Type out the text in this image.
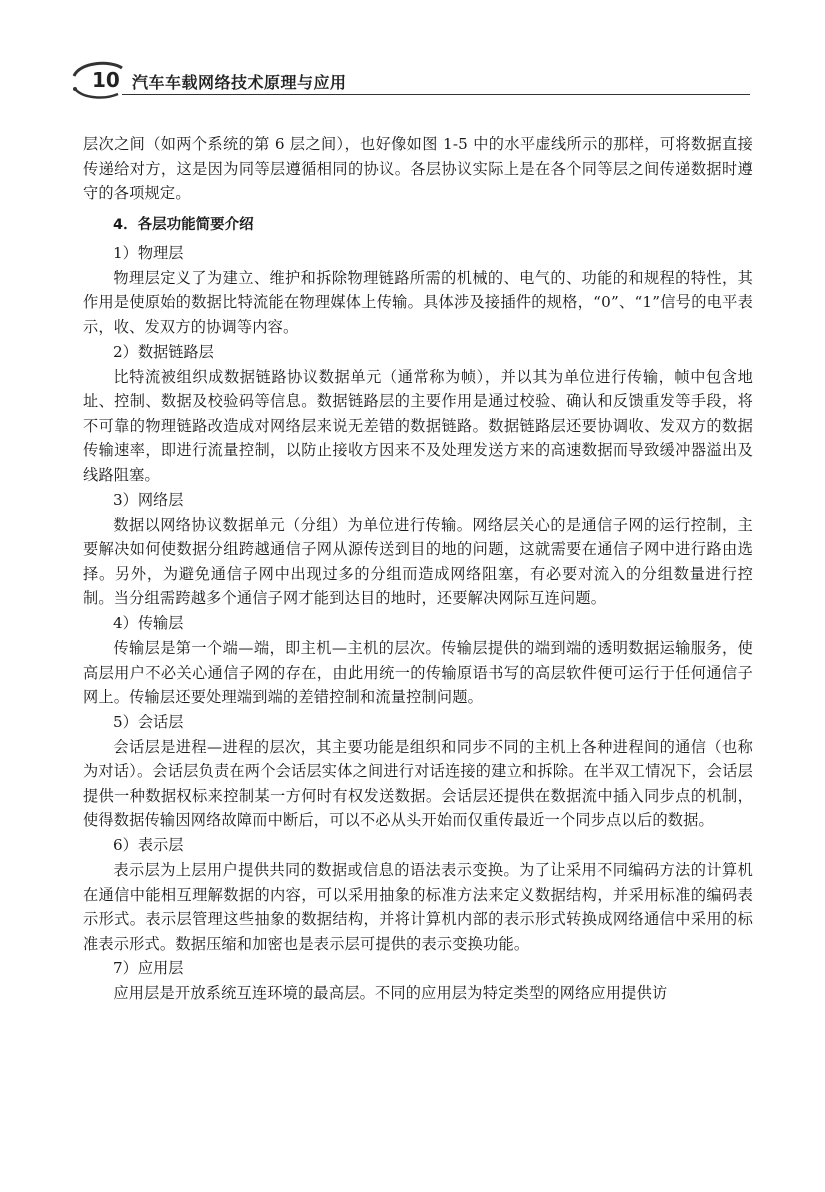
10 汽车车载网络技术原理与应用

层次之间（如两个系统的第 6 层之间），也好像如图 1-5 中的水平虚线所示的那样，可将数据直接传递给对方，这是因为同等层遵循相同的协议。各层协议实际上是在各个同等层之间传递数据时遵守的各项规定。

4．各层功能简要介绍
1）物理层

物理层定义了为建立、维护和拆除物理链路所需的机械的、电气的、功能的和规程的特性，其作用是使原始的数据比特流能在物理媒体上传输。具体涉及接插件的规格，“0”、“1”信号的电平表示，收、发双方的协调等内容。

2）数据链路层

比特流被组织成数据链路协议数据单元（通常称为帧），并以其为单位进行传输，帧中包含地址、控制、数据及校验码等信息。数据链路层的主要作用是通过校验、确认和反馈重发等手段，将不可靠的物理链路改造成对网络层来说无差错的数据链路。数据链路层还要协调收、发双方的数据传输速率，即进行流量控制，以防止接收方因来不及处理发送方来的高速数据而导致缓冲器溢出及线路阻塞。

3）网络层

数据以网络协议数据单元（分组）为单位进行传输。网络层关心的是通信子网的运行控制，主要解决如何使数据分组跨越通信子网从源传送到目的地的问题，这就需要在通信子网中进行路由选择。另外，为避免通信子网中出现过多的分组而造成网络阻塞，有必要对流入的分组数量进行控制。当分组需跨越多个通信子网才能到达目的地时，还要解决网际互连问题。

4）传输层

传输层是第一个端—端，即主机—主机的层次。传输层提供的端到端的透明数据运输服务，使高层用户不必关心通信子网的存在，由此用统一的传输原语书写的高层软件便可运行于任何通信子网上。传输层还要处理端到端的差错控制和流量控制问题。

5）会话层

会话层是进程—进程的层次，其主要功能是组织和同步不同的主机上各种进程间的通信（也称为对话）。会话层负责在两个会话层实体之间进行对话连接的建立和拆除。在半双工情况下，会话层提供一种数据权标来控制某一方何时有权发送数据。会话层还提供在数据流中插入同步点的机制，使得数据传输因网络故障而中断后，可以不必从头开始而仅重传最近一个同步点以后的数据。

6）表示层

表示层为上层用户提供共同的数据或信息的语法表示变换。为了让采用不同编码方法的计算机在通信中能相互理解数据的内容，可以采用抽象的标准方法来定义数据结构，并采用标准的编码表示形式。表示层管理这些抽象的数据结构，并将计算机内部的表示形式转换成网络通信中采用的标准表示形式。数据压缩和加密也是表示层可提供的表示变换功能。

7）应用层

应用层是开放系统互连环境的最高层。不同的应用层为特定类型的网络应用提供访
